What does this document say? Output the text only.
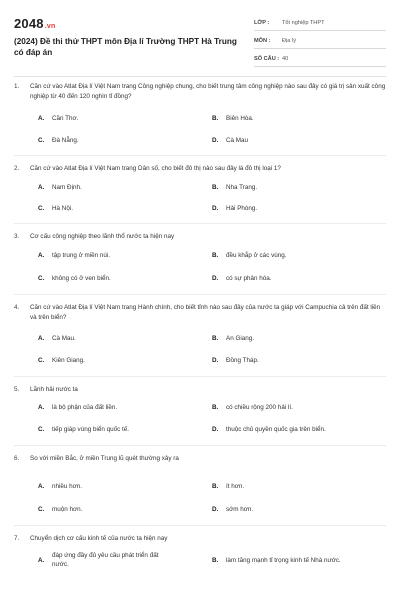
2048.vn
(2024) Đề thi thử THPT môn Địa lí Trường THPT Hà Trung có đáp án
LỚP :	Tốt nghiệp THPT
MÔN :	Địa lý
SỐ CÂU : 40
1.	Căn cứ vào Atlat Địa lí Việt Nam trang Công nghiệp chung, cho biết trung tâm công nghiệp nào sau đây có giá trị sản xuất công nghiệp từ 40 đến 120 nghìn tỉ đồng?
A.	Cần Thơ.	B.	Biên Hòa.
C.	Đà Nẵng.	D.	Cà Mau
2.	Căn cứ vào Atlat Địa lí Việt Nam trang Dân số, cho biết đô thị nào sau đây là đô thị loại 1?
A.	Nam Định.	B.	Nha Trang.
C.	Hà Nội.	D.	Hải Phòng.
3.	Cơ cấu công nghiệp theo lãnh thổ nước ta hiện nay
A.	tập trung ở miền núi.	B.	đều khắp ở các vùng.
C.	không có ở ven biển.	D.	có sự phân hóa.
4.	Căn cứ vào Atlat Địa lí Việt Nam trang Hành chính, cho biết tỉnh nào sau đây của nước ta giáp với Campuchia cả trên đất liền và trên biển?
A.	Cà Mau.	B.	An Giang.
C.	Kiên Giang.	D.	Đồng Tháp.
5.	Lãnh hải nước ta
A.	là bộ phận của đất liền.	B.	có chiều rộng 200 hải lí.
C.	tiếp giáp vùng biển quốc tế.	D.	thuộc chủ quyền quốc gia trên biển.
6.	So với miền Bắc, ở miền Trung lũ quét thường xảy ra
A.	nhiều hơn.	B.	ít hơn.
C.	muộn hơn.	D.	sớm hơn.
7.	Chuyển dịch cơ cấu kinh tế của nước ta hiện nay
A.
đáp ứng đầy đủ yêu cầu phát triển đất nước.
B.	làm tăng mạnh tỉ trọng kinh tế Nhà nước.
